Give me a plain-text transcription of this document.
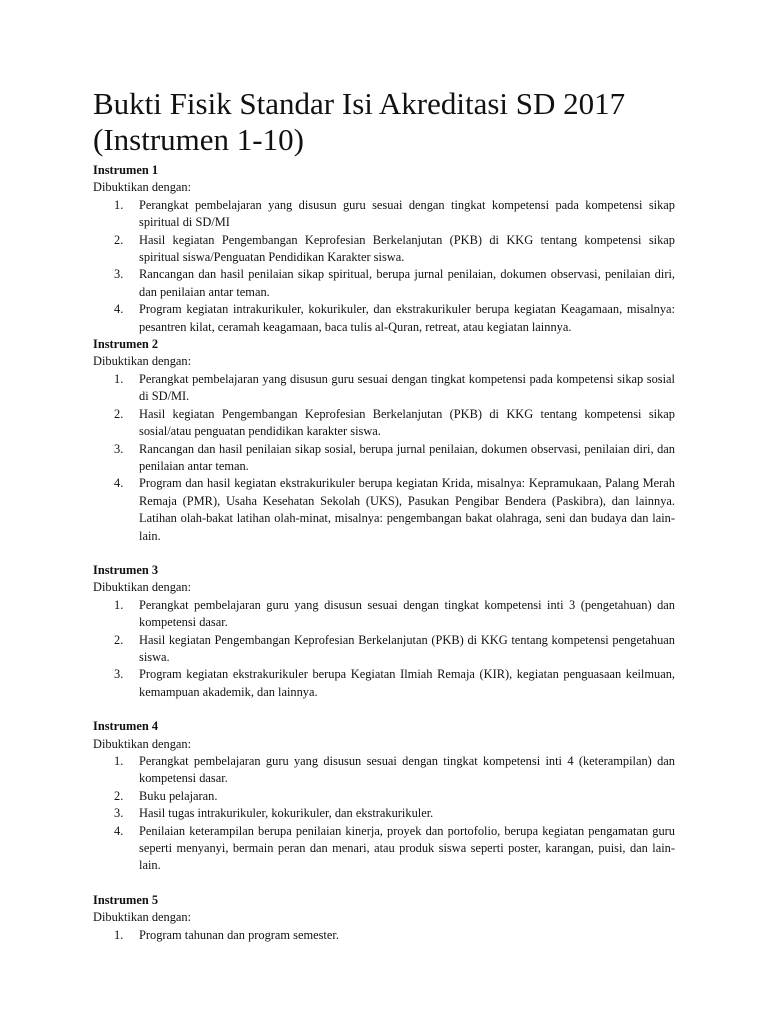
Bukti Fisik Standar Isi Akreditasi SD 2017
(Instrumen 1-10)
Instrumen 1
Dibuktikan dengan:
1. Perangkat pembelajaran yang disusun guru sesuai dengan tingkat kompetensi pada kompetensi sikap spiritual di SD/MI
2. Hasil kegiatan Pengembangan Keprofesian Berkelanjutan (PKB) di KKG tentang kompetensi sikap spiritual siswa/Penguatan Pendidikan Karakter siswa.
3. Rancangan dan hasil penilaian sikap spiritual, berupa jurnal penilaian, dokumen observasi, penilaian diri, dan penilaian antar teman.
4. Program kegiatan intrakurikuler, kokurikuler, dan ekstrakurikuler berupa kegiatan Keagamaan, misalnya: pesantren kilat, ceramah keagamaan, baca tulis al-Quran, retreat, atau kegiatan lainnya.
Instrumen 2
Dibuktikan dengan:
1. Perangkat pembelajaran yang disusun guru sesuai dengan tingkat kompetensi pada kompetensi sikap sosial di SD/MI.
2. Hasil kegiatan Pengembangan Keprofesian Berkelanjutan (PKB) di KKG tentang kompetensi sikap sosial/atau penguatan pendidikan karakter siswa.
3. Rancangan dan hasil penilaian sikap sosial, berupa jurnal penilaian, dokumen observasi, penilaian diri, dan penilaian antar teman.
4. Program dan hasil kegiatan ekstrakurikuler berupa kegiatan Krida, misalnya: Kepramukaan, Palang Merah Remaja (PMR), Usaha Kesehatan Sekolah (UKS), Pasukan Pengibar Bendera (Paskibra), dan lainnya. Latihan olah-bakat latihan olah-minat, misalnya: pengembangan bakat olahraga, seni dan budaya dan lain-lain.
Instrumen 3
Dibuktikan dengan:
1. Perangkat pembelajaran guru yang disusun sesuai dengan tingkat kompetensi inti 3 (pengetahuan) dan kompetensi dasar.
2. Hasil kegiatan Pengembangan Keprofesian Berkelanjutan (PKB) di KKG tentang kompetensi pengetahuan siswa.
3. Program kegiatan ekstrakurikuler berupa Kegiatan Ilmiah Remaja (KIR), kegiatan penguasaan keilmuan, kemampuan akademik, dan lainnya.
Instrumen 4
Dibuktikan dengan:
1. Perangkat pembelajaran guru yang disusun sesuai dengan tingkat kompetensi inti 4 (keterampilan) dan kompetensi dasar.
2. Buku pelajaran.
3. Hasil tugas intrakurikuler, kokurikuler, dan ekstrakurikuler.
4. Penilaian keterampilan berupa penilaian kinerja, proyek dan portofolio, berupa kegiatan pengamatan guru seperti menyanyi, bermain peran dan menari, atau produk siswa seperti poster, karangan, puisi, dan lain-lain.
Instrumen 5
Dibuktikan dengan:
1. Program tahunan dan program semester.
